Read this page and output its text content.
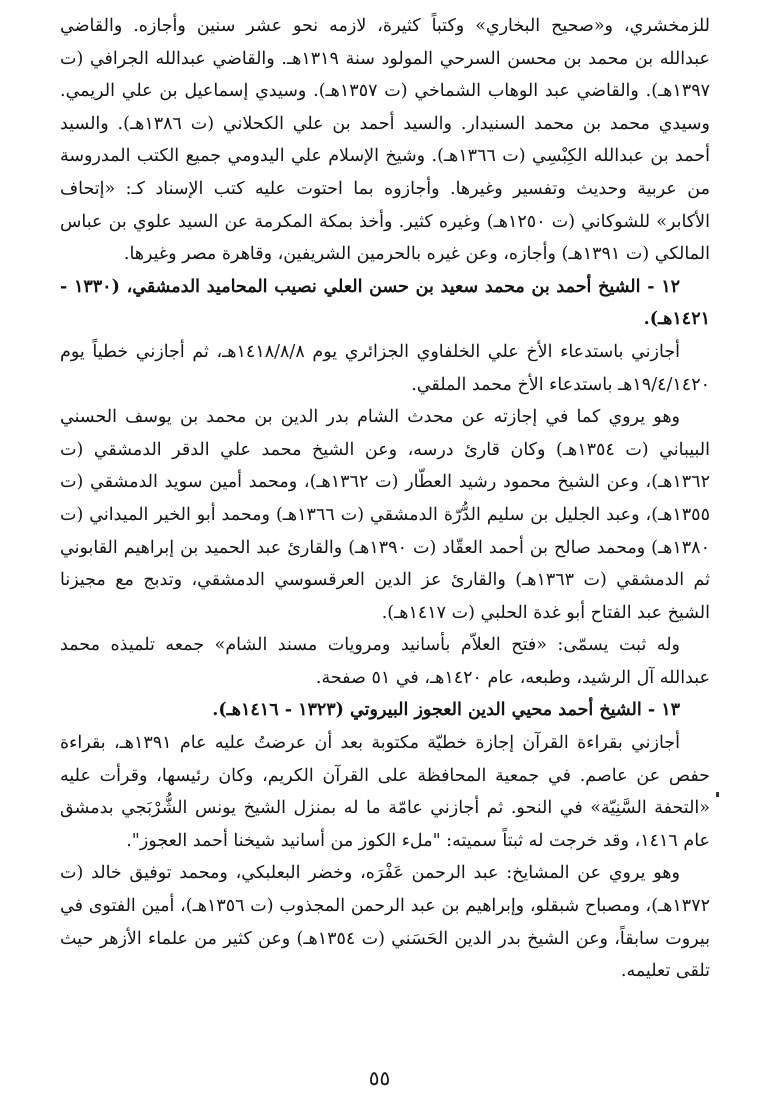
للزمخشري، و«صحيح البخاري» وكتباً كثيرة، لازمه نحو عشر سنين وأجازه. والقاضي عبدالله بن محمد بن محسن السرحي المولود سنة ١٣١٩هـ. والقاضي عبدالله الجرافي (ت ١٣٩٧هـ). والقاضي عبد الوهاب الشماخي (ت ١٣٥٧هـ). وسيدي إسماعيل بن علي الريمي. وسيدي محمد بن محمد السنيدار. والسيد أحمد بن علي الكحلاني (ت ١٣٨٦هـ). والسيد أحمد بن عبدالله الكِبْسِي (ت ١٣٦٦هـ). وشيخ الإسلام علي اليدومي جميع الكتب المدروسة من عربية وحديث وتفسير وغيرها. وأجازوه بما احتوت عليه كتب الإسناد كـ: «إتحاف الأكابر» للشوكاني (ت ١٢٥٠هـ) وغيره كثير. وأخذ بمكة المكرمة عن السيد علوي بن عباس المالكي (ت ١٣٩١هـ) وأجازه، وعن غيره بالحرمين الشريفين، وقاهرة مصر وغيرها.

١٢ - الشيخ أحمد بن محمد سعيد بن حسن العلي نصيب المحاميد الدمشقي، (١٣٣٠ - ١٤٢١هـ).

أجازني باستدعاء الأخ علي الخلفاوي الجزائري يوم ١٤١٨/٨/٨هـ، ثم أجازني خطياً يوم ١٩/٤/١٤٢٠هـ باستدعاء الأخ محمد الملقي.

وهو يروي كما في إجازته عن محدث الشام بدر الدين بن محمد بن يوسف الحسني البيباني (ت ١٣٥٤هـ) وكان قارئ درسه، وعن الشيخ محمد علي الدقر الدمشقي (ت ١٣٦٢هـ)، وعن الشيخ محمود رشيد العطّار (ت ١٣٦٢هـ)، ومحمد أمين سويد الدمشقي (ت ١٣٥٥هـ)، وعبد الجليل بن سليم الدُّرّة الدمشقي (ت ١٣٦٦هـ) ومحمد أبو الخير الميداني (ت ١٣٨٠هـ) ومحمد صالح بن أحمد العقّاد (ت ١٣٩٠هـ) والقارئ عبد الحميد بن إبراهيم القابوني ثم الدمشقي (ت ١٣٦٣هـ) والقارئ عز الدين العرقسوسي الدمشقي، وتدبج مع مجيزنا الشيخ عبد الفتاح أبو غدة الحلبي (ت ١٤١٧هـ).

وله ثبت يسمّى: «فتح العلاّم بأسانيد ومرويات مسند الشام» جمعه تلميذه محمد عبدالله آل الرشيد، وطبعه، عام ١٤٢٠هـ، في ٥١ صفحة.

١٣ - الشيخ أحمد محيي الدين العجوز البيروتي (١٣٢٣ - ١٤١٦هـ).

أجازني بقراءة القرآن إجازة خطيّة مكتوبة بعد أن عرضتُ عليه عام ١٣٩١هـ، بقراءة حفص عن عاصم. في جمعية المحافظة على القرآن الكريم، وكان رئيسها، وقرأت عليه «التحفة السَّنِيّة» في النحو. ثم أجازني عامّة ما له بمنزل الشيخ يونس الشُّرْبَجي بدمشق عام ١٤١٦، وقد خرجت له ثبتاً سميته: "ملء الكوز من أسانيد شيخنا أحمد العجوز".

وهو يروي عن المشايخ: عبد الرحمن عَفْرَه، وخضر البعلبكي، ومحمد توفيق خالد (ت ١٣٧٢هـ)، ومصباح شبقلو، وإبراهيم بن عبد الرحمن المجذوب (ت ١٣٥٦هـ)، أمين الفتوى في بيروت سابقاً، وعن الشيخ بدر الدين الحَسَني (ت ١٣٥٤هـ) وعن كثير من علماء الأزهر حيث تلقى تعليمه.

٥٥
